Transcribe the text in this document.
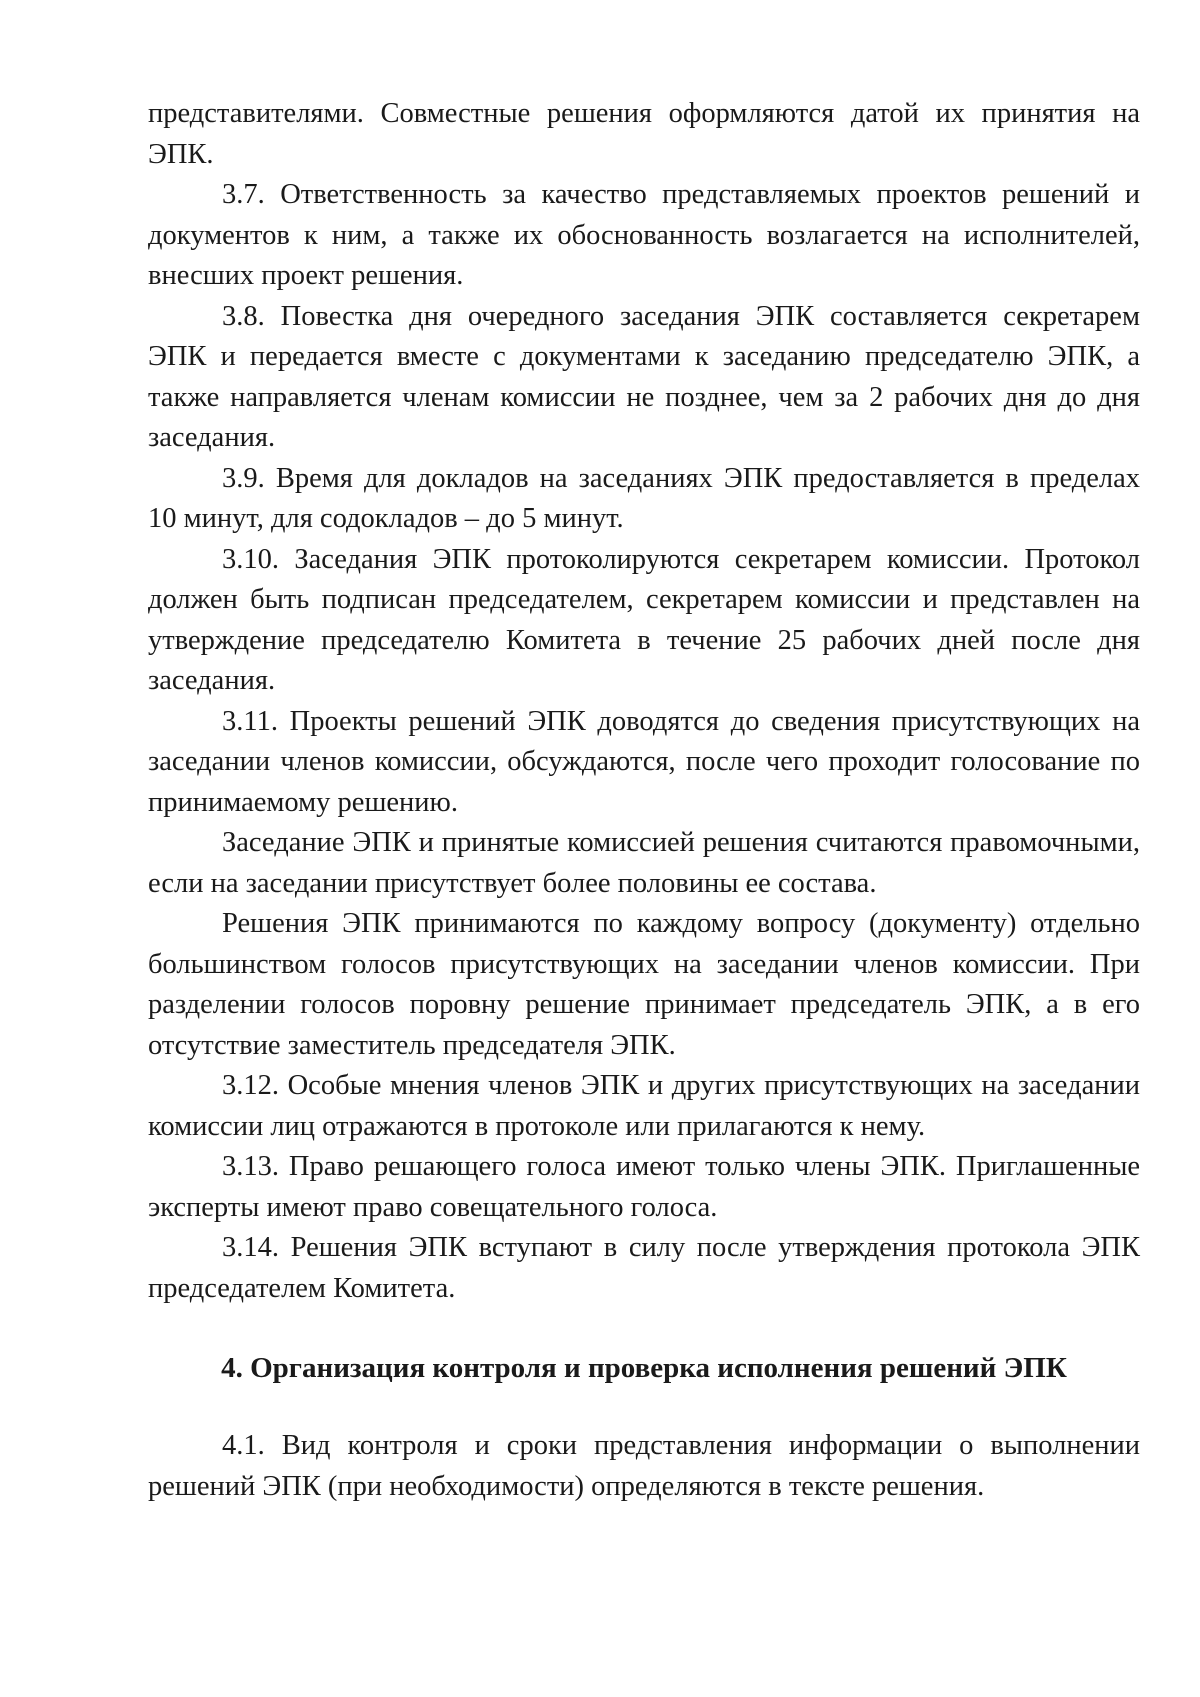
представителями. Совместные решения оформляются датой их принятия на ЭПК.

3.7. Ответственность за качество представляемых проектов решений и документов к ним, а также их обоснованность возлагается на исполнителей, внесших проект решения.

3.8. Повестка дня очередного заседания ЭПК составляется секретарем ЭПК и передается вместе с документами к заседанию председателю ЭПК, а также направляется членам комиссии не позднее, чем за 2 рабочих дня до дня заседания.

3.9. Время для докладов на заседаниях ЭПК предоставляется в пределах 10 минут, для содокладов – до 5 минут.

3.10. Заседания ЭПК протоколируются секретарем комиссии. Протокол должен быть подписан председателем, секретарем комиссии и представлен на утверждение председателю Комитета в течение 25 рабочих дней после дня заседания.

3.11. Проекты решений ЭПК доводятся до сведения присутствующих на заседании членов комиссии, обсуждаются, после чего проходит голосование по принимаемому решению.

Заседание ЭПК и принятые комиссией решения считаются правомочными, если на заседании присутствует более половины ее состава.

Решения ЭПК принимаются по каждому вопросу (документу) отдельно большинством голосов присутствующих на заседании членов комиссии. При разделении голосов поровну решение принимает председатель ЭПК, а в его отсутствие заместитель председателя ЭПК.

3.12. Особые мнения членов ЭПК и других присутствующих на заседании комиссии лиц отражаются в протоколе или прилагаются к нему.

3.13. Право решающего голоса имеют только члены ЭПК. Приглашенные эксперты имеют право совещательного голоса.

3.14. Решения ЭПК вступают в силу после утверждения протокола ЭПК председателем Комитета.

4. Организация контроля и проверка исполнения решений ЭПК

4.1. Вид контроля и сроки представления информации о выполнении решений ЭПК (при необходимости) определяются в тексте решения.
